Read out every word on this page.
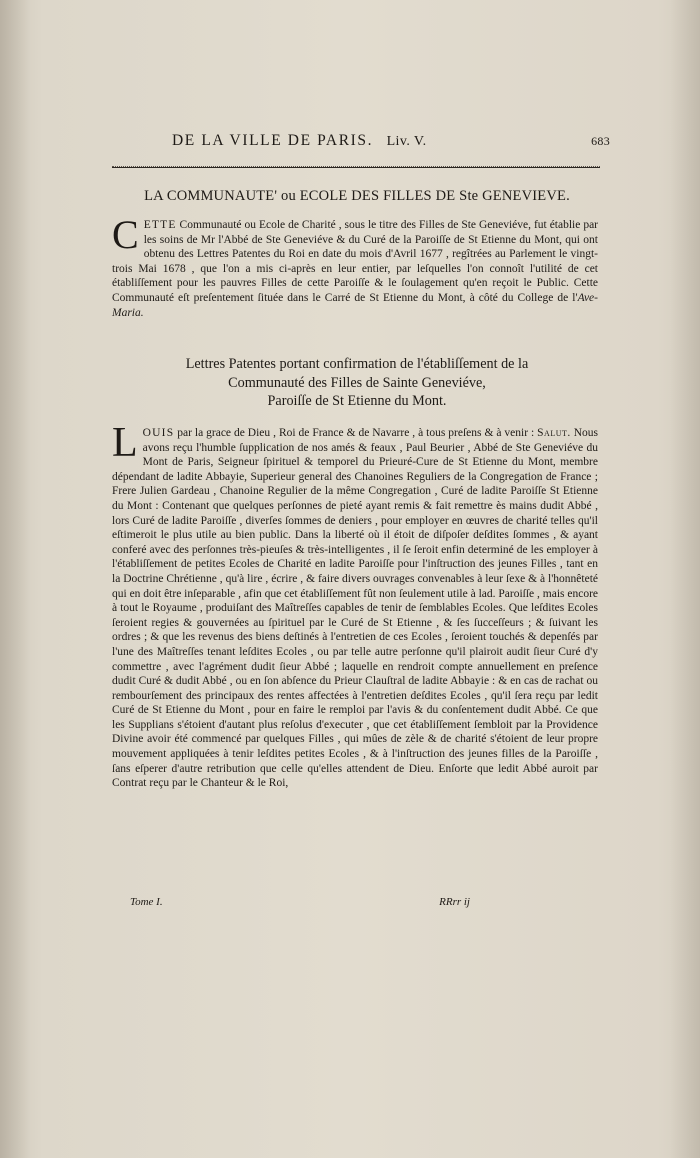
DE LA VILLE DE PARIS. Liv. V.	683
LA COMMUNAUTE' ou ECOLE DES FILLES DE Ste GENEVIEVE.

CETTE Communauté ou Ecole de Charité , sous le titre des Filles de Ste Geneviéve, fut établie par les soins de Mr l'Abbé de Ste Geneviéve & du Curé de la Paroiſſe de St Etienne du Mont, qui ont obtenu des Lettres Patentes du Roi en date du mois d'Avril 1677 , regîtrées au Parlement le vingt-trois Mai 1678 , que l'on a mis ci-après en leur entier, par leſquelles l'on connoît l'utilité de cet établiſſement pour les pauvres Filles de cette Paroiſſe & le ſoulagement qu'en reçoit le Public. Cette Communauté eſt preſentement ſituée dans le Carré de St Etienne du Mont, à côté du College de l'Ave-Maria.

Lettres Patentes portant confirmation de l'établiſſement de la

Communauté des Filles de Sainte Geneviéve,

Paroiſſe de St Etienne du Mont.

LOUIS par la grace de Dieu , Roi de France & de Navarre , à tous preſens & à venir : Salut. Nous avons reçu l'humble ſupplication de nos amés & feaux , Paul Beurier , Abbé de Ste Geneviéve du Mont de Paris, Seigneur ſpirituel & temporel du Prieuré-Cure de St Etienne du Mont, membre dépendant de ladite Abbayie, Superieur general des Chanoines Reguliers de la Congregation de France ; Frere Julien Gardeau , Chanoine Regulier de la même Congregation , Curé de ladite Paroiſſe St Etienne du Mont : Contenant que quelques perſonnes de pieté ayant remis & fait remettre ès mains dudit Abbé , lors Curé de ladite Paroiſſe , diverſes ſommes de deniers , pour employer en œuvres de charité telles qu'il eſtimeroit le plus utile au bien public. Dans la liberté où il étoit de diſpoſer deſdites ſommes , & ayant conferé avec des perſonnes très-pieuſes & très-intelligentes , il ſe ſeroit enfin determiné de les employer à l'établiſſement de petites Ecoles de Charité en ladite Paroiſſe pour l'inſtruction des jeunes Filles , tant en la Doctrine Chrétienne , qu'à lire , écrire , & faire divers ouvrages convenables à leur ſexe & à l'honnêteté qui en doit être inſeparable , afin que cet établiſſement fût non ſeulement utile à lad. Paroiſſe , mais encore à tout le Royaume , produiſant des Maîtreſſes capables de tenir de ſemblables Ecoles. Que leſdites Ecoles ſeroient regies & gouvernées au ſpirituel par le Curé de St Etienne , & ſes ſucceſſeurs ; & ſuivant les ordres ; & que les revenus des biens deſtinés à l'entretien de ces Ecoles , ſeroient touchés & depenſés par l'une des Maîtreſſes tenant leſdites Ecoles , ou par telle autre perſonne qu'il plairoit audit ſieur Curé d'y commettre , avec l'agrément dudit ſieur Abbé ; laquelle en rendroit compte annuellement en preſence dudit Curé & dudit Abbé , ou en ſon abſence du Prieur Clauſtral de ladite Abbayie : & en cas de rachat ou rembourſement des principaux des rentes affectées à l'entretien deſdites Ecoles , qu'il ſera reçu par ledit Curé de St Etienne du Mont , pour en faire le remploi par l'avis & du conſentement dudit Abbé. Ce que les Supplians s'étoient d'autant plus reſolus d'executer , que cet établiſſement ſembloit par la Providence Divine avoir été commencé par quelques Filles , qui mûes de zèle & de charité s'étoient de leur propre mouvement appliquées à tenir leſdites petites Ecoles , & à l'inſtruction des jeunes filles de la Paroiſſe , ſans eſperer d'autre retribution que celle qu'elles attendent de Dieu. Enſorte que ledit Abbé auroit par Contrat reçu par le Chanteur & le Roi,

Tome I.	RRrr ij
